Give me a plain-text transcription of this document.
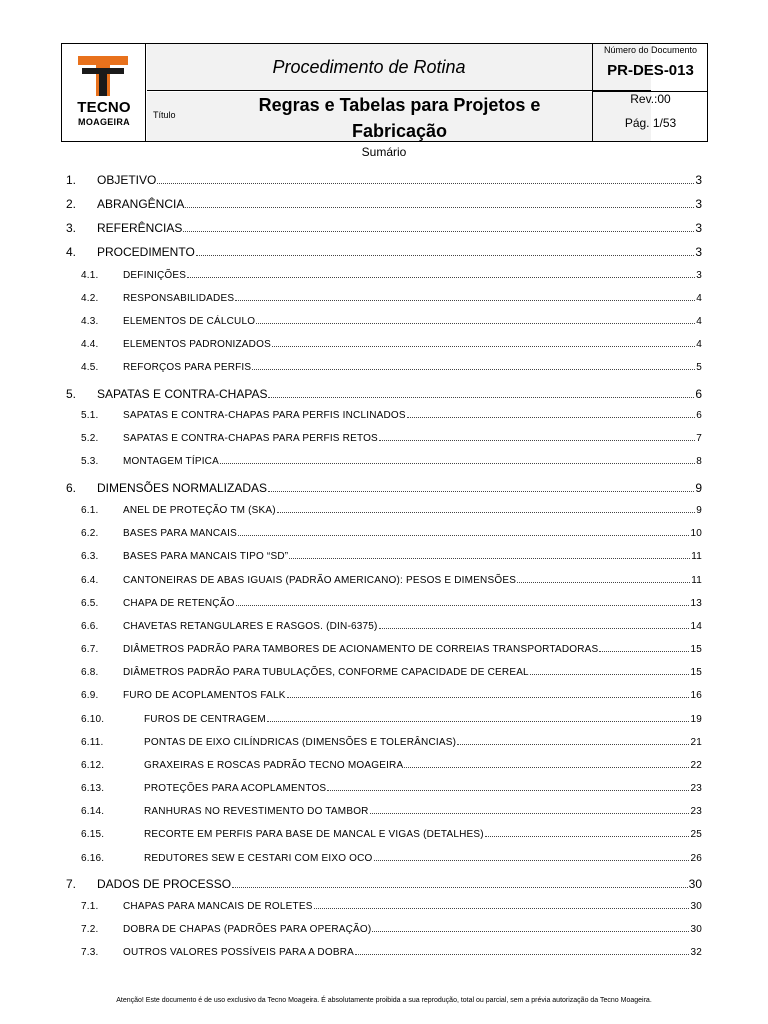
TECNO
MOAGEIRA
Procedimento de Rotina
Título	Regras e Tabelas para Projetos e
Fabricação
Número do Documento
PR-DES-013
Rev.:00
Pág. 1/53
Sumário
1.	OBJETIVO	3
2.	ABRANGÊNCIA	3
3.	REFERÊNCIAS	3
4.	PROCEDIMENTO	3
4.1.	DEFINIÇÕES	3
4.2.	RESPONSABILIDADES	4
4.3.	ELEMENTOS DE CÁLCULO	4
4.4.	ELEMENTOS PADRONIZADOS	4
4.5.	REFORÇOS PARA PERFIS	5
5.	SAPATAS E CONTRA-CHAPAS	6
5.1.	SAPATAS E CONTRA-CHAPAS PARA PERFIS INCLINADOS	6
5.2.	SAPATAS E CONTRA-CHAPAS PARA PERFIS RETOS	7
5.3.	MONTAGEM TÍPICA	8
6.	DIMENSÕES NORMALIZADAS	9
6.1.	ANEL DE PROTEÇÃO TM (SKA)	9
6.2.	BASES PARA MANCAIS	10
6.3.	BASES PARA MANCAIS TIPO “SD”	11
6.4.	CANTONEIRAS DE ABAS IGUAIS (PADRÃO AMERICANO): PESOS E DIMENSÕES	11
6.5.	CHAPA DE RETENÇÃO	13
6.6.	CHAVETAS RETANGULARES E RASGOS. (DIN-6375)	14
6.7.	DIÂMETROS PADRÃO PARA TAMBORES DE ACIONAMENTO DE CORREIAS TRANSPORTADORAS	15
6.8.	DIÂMETROS PADRÃO PARA TUBULAÇÕES, CONFORME CAPACIDADE DE CEREAL	15
6.9.	FURO DE ACOPLAMENTOS FALK	16
6.10.	FUROS DE CENTRAGEM	19
6.11.	PONTAS DE EIXO CILÍNDRICAS (DIMENSÕES E TOLERÂNCIAS)	21
6.12.	GRAXEIRAS E ROSCAS PADRÃO TECNO MOAGEIRA	22
6.13.	PROTEÇÕES PARA ACOPLAMENTOS	23
6.14.	RANHURAS NO REVESTIMENTO DO TAMBOR	23
6.15.	RECORTE EM PERFIS PARA BASE DE MANCAL E VIGAS (DETALHES)	25
6.16.	REDUTORES SEW E CESTARI COM EIXO OCO	26
7.	DADOS DE PROCESSO	30
7.1.	CHAPAS PARA MANCAIS DE ROLETES	30
7.2.	DOBRA DE CHAPAS (PADRÕES PARA OPERAÇÃO)	30
7.3.	OUTROS VALORES POSSÍVEIS PARA A DOBRA	32
Atenção! Este documento é de uso exclusivo da Tecno Moageira. É absolutamente proibida a sua reprodução, total ou parcial, sem a prévia autorização da Tecno Moageira.
